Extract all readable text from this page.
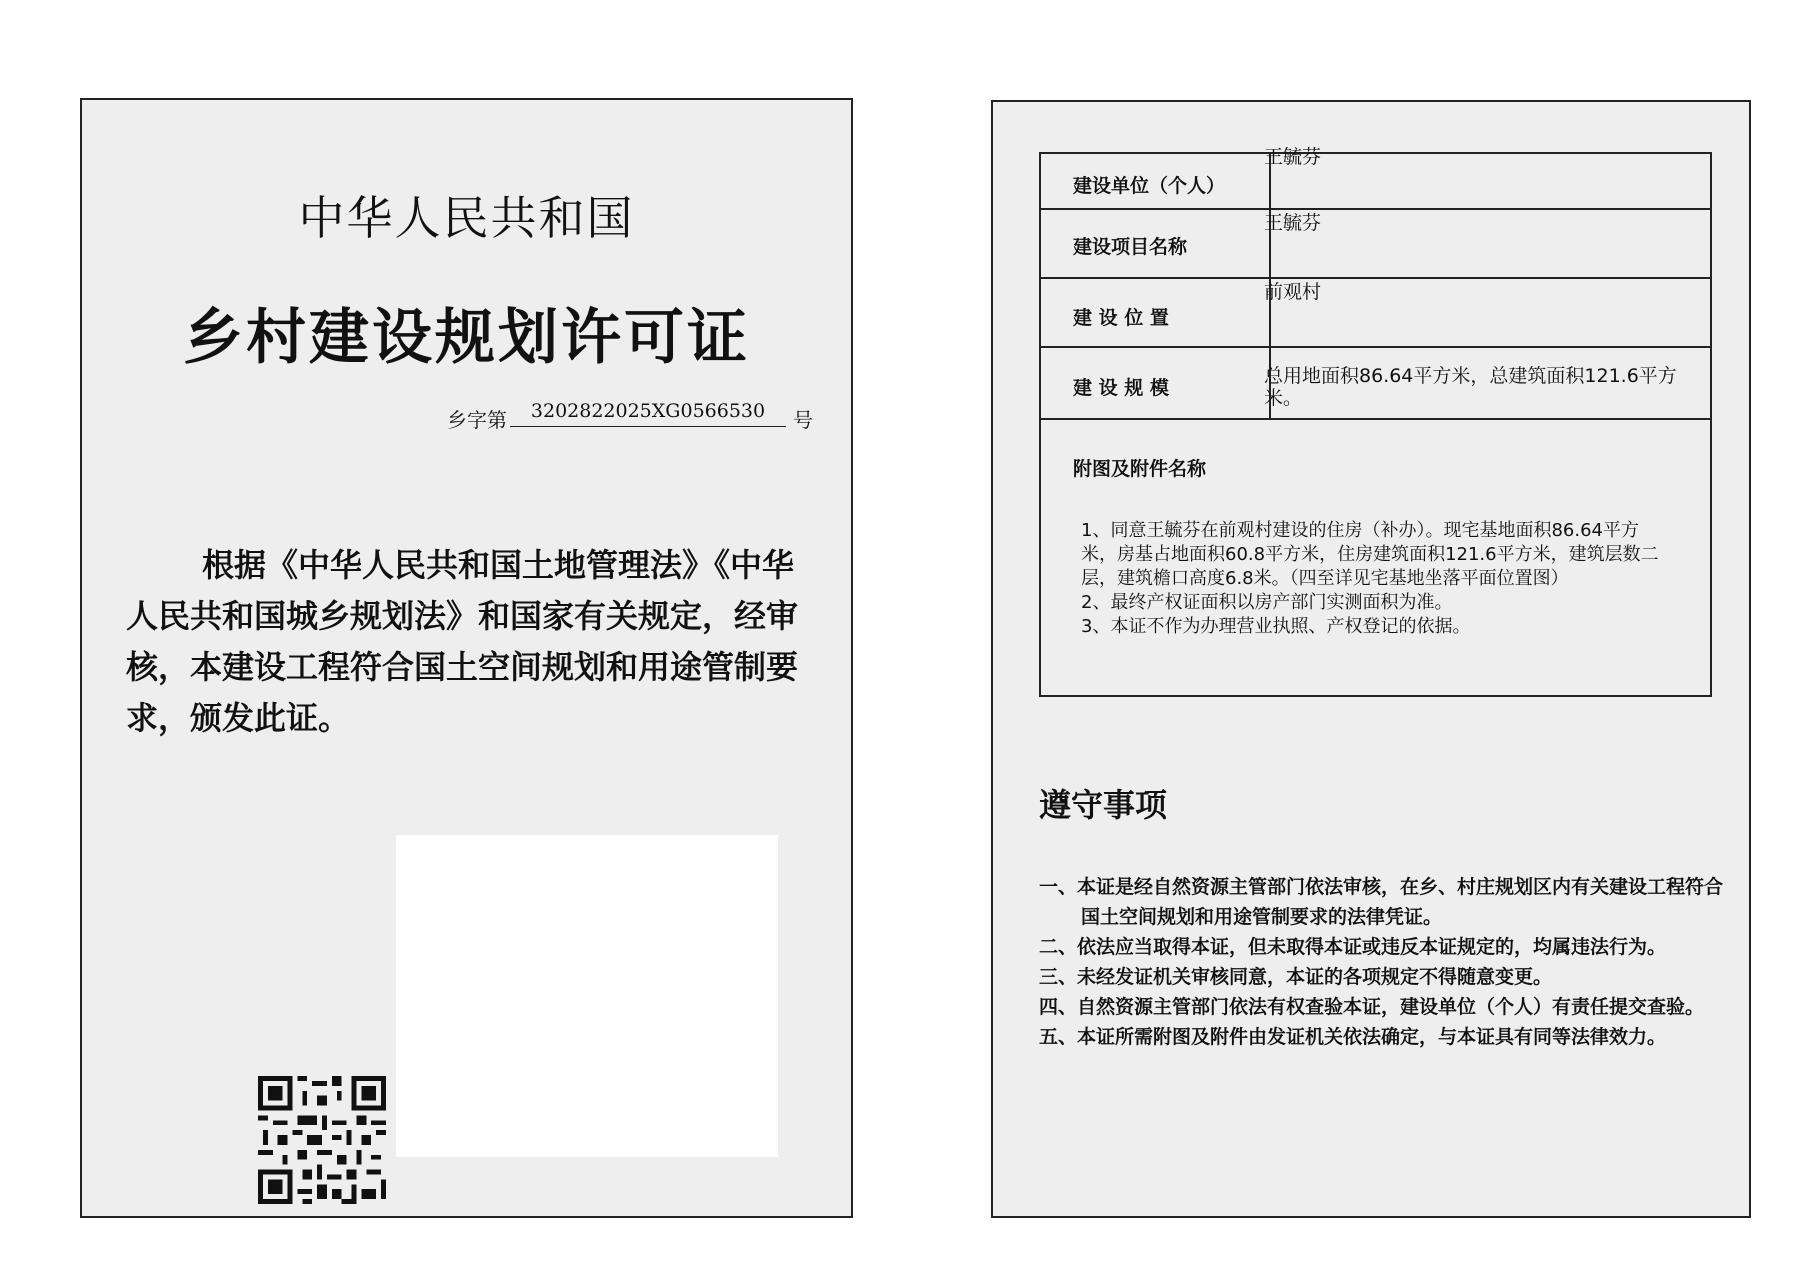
中华人民共和国
乡村建设规划许可证
乡字第	3202822025XG0566530	号
根据《中华人民共和国土地管理法》《中华人民共和国城乡规划法》和国家有关规定，经审核，本建设工程符合国土空间规划和用途管制要求，颁发此证。
建设单位（个人）
王毓芬
建设项目名称
王毓芬
建 设 位 置
前观村
建 设 规 模
总用地面积86.64平方米，总建筑面积121.6平方米。
附图及附件名称
1、同意王毓芬在前观村建设的住房（补办）。现宅基地面积86.64平方米，房基占地面积60.8平方米，住房建筑面积121.6平方米，建筑层数二层，建筑檐口高度6.8米。（四至详见宅基地坐落平面位置图）
2、最终产权证面积以房产部门实测面积为准。
3、本证不作为办理营业执照、产权登记的依据。
遵守事项
一、本证是经自然资源主管部门依法审核，在乡、村庄规划区内有关建设工程符合国土空间规划和用途管制要求的法律凭证。
二、依法应当取得本证，但未取得本证或违反本证规定的，均属违法行为。
三、未经发证机关审核同意，本证的各项规定不得随意变更。
四、自然资源主管部门依法有权查验本证，建设单位（个人）有责任提交查验。
五、本证所需附图及附件由发证机关依法确定，与本证具有同等法律效力。
